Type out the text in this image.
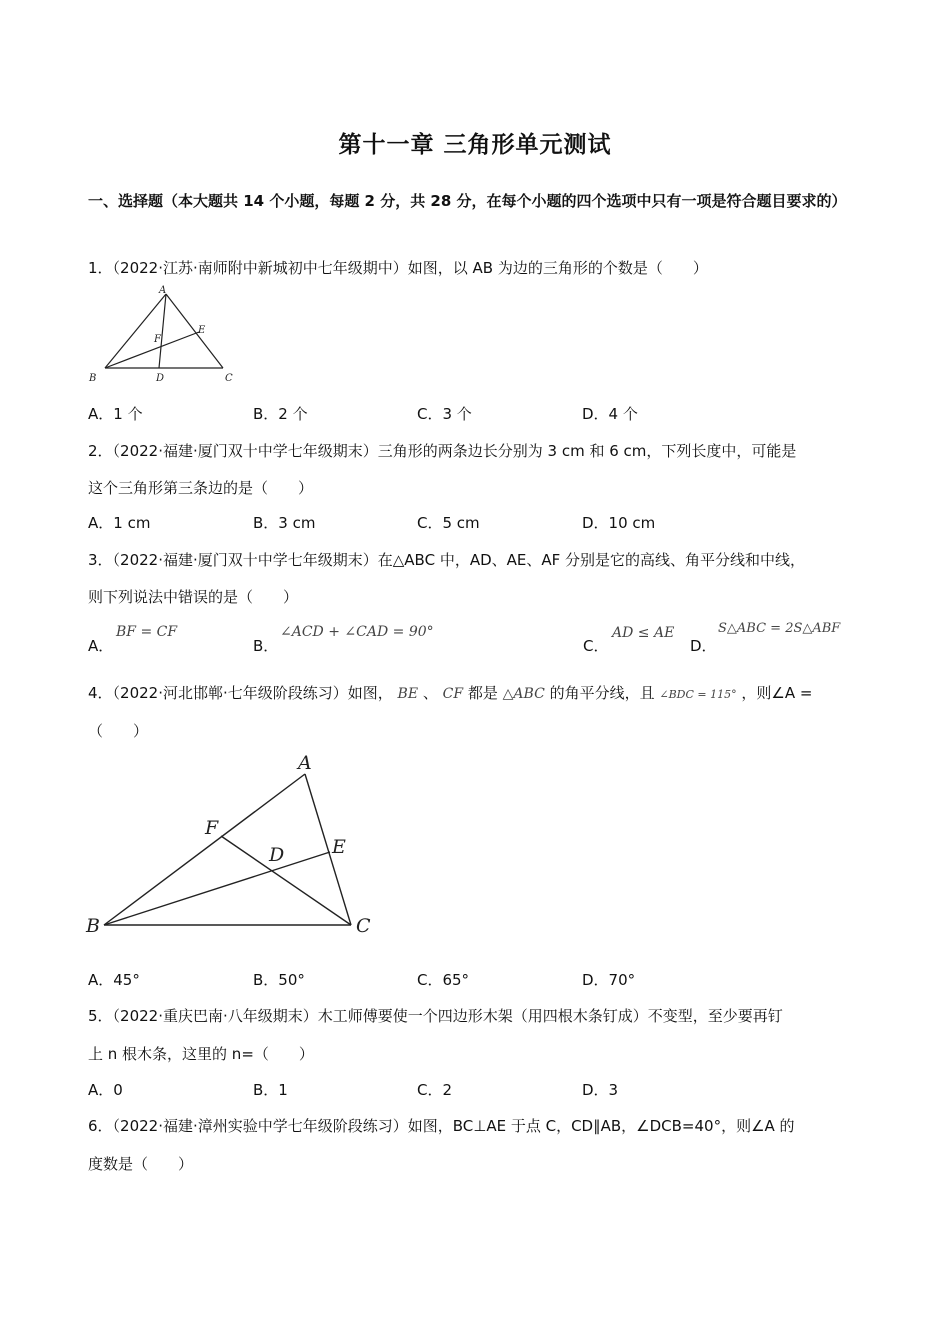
第十一章 三角形单元测试
一、选择题（本大题共 14 个小题，每题 2 分，共 28 分，在每个小题的四个选项中只有一项是符合题目要求的）
1．（2022·江苏·南师附中新城初中七年级期中）如图，以 AB 为边的三角形的个数是（　　）
A
E
F
B	D	C
A．1 个	B．2 个	C．3 个	D．4 个
2．（2022·福建·厦门双十中学七年级期末）三角形的两条边长分别为 3 cm 和 6 cm，下列长度中，可能是
这个三角形第三条边的是（　　）
A．1 cm	B．3 cm	C．5 cm	D．10 cm
3．（2022·福建·厦门双十中学七年级期末）在△ABC 中，AD、AE、AF 分别是它的高线、角平分线和中线，
则下列说法中错误的是（　　）
A．
BF = CF
B．
∠ACD + ∠CAD = 90°
C．
AD ≤ AE
D．
S△ABC = 2S△ABF
4．（2022·河北邯郸·七年级阶段练习）如图， BE 、 CF 都是 △ABC 的角平分线，且 ∠BDC = 115° ，则∠A =
（　　）
A
F
D	E
B	C
A．45°	B．50°	C．65°	D．70°
5．（2022·重庆巴南·八年级期末）木工师傅要使一个四边形木架（用四根木条钉成）不变型，至少要再钉
上 n 根木条，这里的 n=（　　）
A．0	B．1	C．2	D．3
6．（2022·福建·漳州实验中学七年级阶段练习）如图，BC⊥AE 于点 C，CD∥AB，∠DCB=40°，则∠A 的
度数是（　　）
